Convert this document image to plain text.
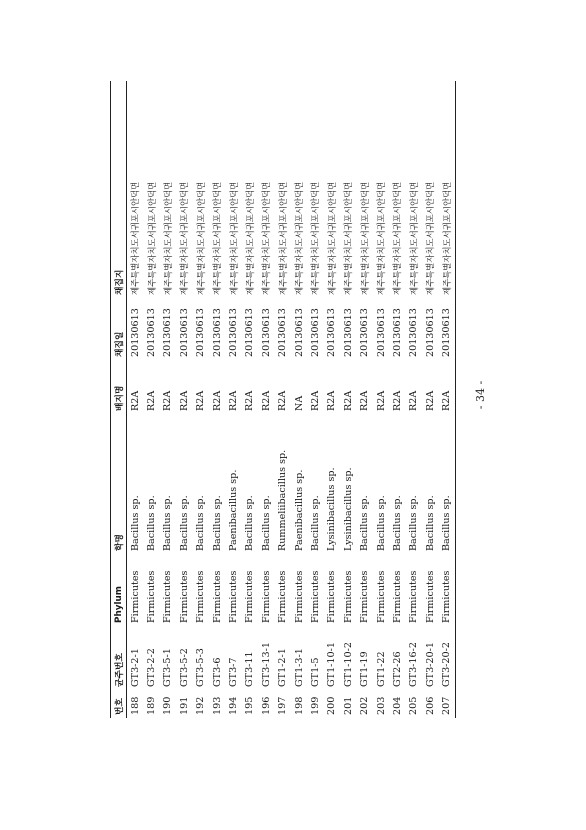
번호	균주번호	Phylum	학명	배지명	채집일	채집지
188	GT3-2-1	Firmicutes	Bacillus sp.	R2A	20130613	제주특별자치도서귀포시안덕면
189	GT3-2-2	Firmicutes	Bacillus sp.	R2A	20130613	제주특별자치도서귀포시안덕면
190	GT3-5-1	Firmicutes	Bacillus sp.	R2A	20130613	제주특별자치도서귀포시안덕면
191	GT3-5-2	Firmicutes	Bacillus sp.	R2A	20130613	제주특별자치도서귀포시안덕면
192	GT3-5-3	Firmicutes	Bacillus sp.	R2A	20130613	제주특별자치도서귀포시안덕면
193	GT3-6	Firmicutes	Bacillus sp.	R2A	20130613	제주특별자치도서귀포시안덕면
194	GT3-7	Firmicutes	Paenibacillus sp.	R2A	20130613	제주특별자치도서귀포시안덕면
195	GT3-11	Firmicutes	Bacillus sp.	R2A	20130613	제주특별자치도서귀포시안덕면
196	GT3-13-1	Firmicutes	Bacillus sp.	R2A	20130613	제주특별자치도서귀포시안덕면
197	GT1-2-1	Firmicutes	Rummeliibacillus sp.	R2A	20130613	제주특별자치도서귀포시안덕면
198	GT1-3-1	Firmicutes	Paenibacillus sp.	NA	20130613	제주특별자치도서귀포시안덕면
199	GT1-5	Firmicutes	Bacillus sp.	R2A	20130613	제주특별자치도서귀포시안덕면
200	GT1-10-1	Firmicutes	Lysinibacillus sp.	R2A	20130613	제주특별자치도서귀포시안덕면
201	GT1-10-2	Firmicutes	Lysinibacillus sp.	R2A	20130613	제주특별자치도서귀포시안덕면
202	GT1-19	Firmicutes	Bacillus sp.	R2A	20130613	제주특별자치도서귀포시안덕면
203	GT1-22	Firmicutes	Bacillus sp.	R2A	20130613	제주특별자치도서귀포시안덕면
204	GT2-26	Firmicutes	Bacillus sp.	R2A	20130613	제주특별자치도서귀포시안덕면
205	GT3-16-2	Firmicutes	Bacillus sp.	R2A	20130613	제주특별자치도서귀포시안덕면
206	GT3-20-1	Firmicutes	Bacillus sp.	R2A	20130613	제주특별자치도서귀포시안덕면
207	GT3-20-2	Firmicutes	Bacillus sp.	R2A	20130613	제주특별자치도서귀포시안덕면
- 34 -
